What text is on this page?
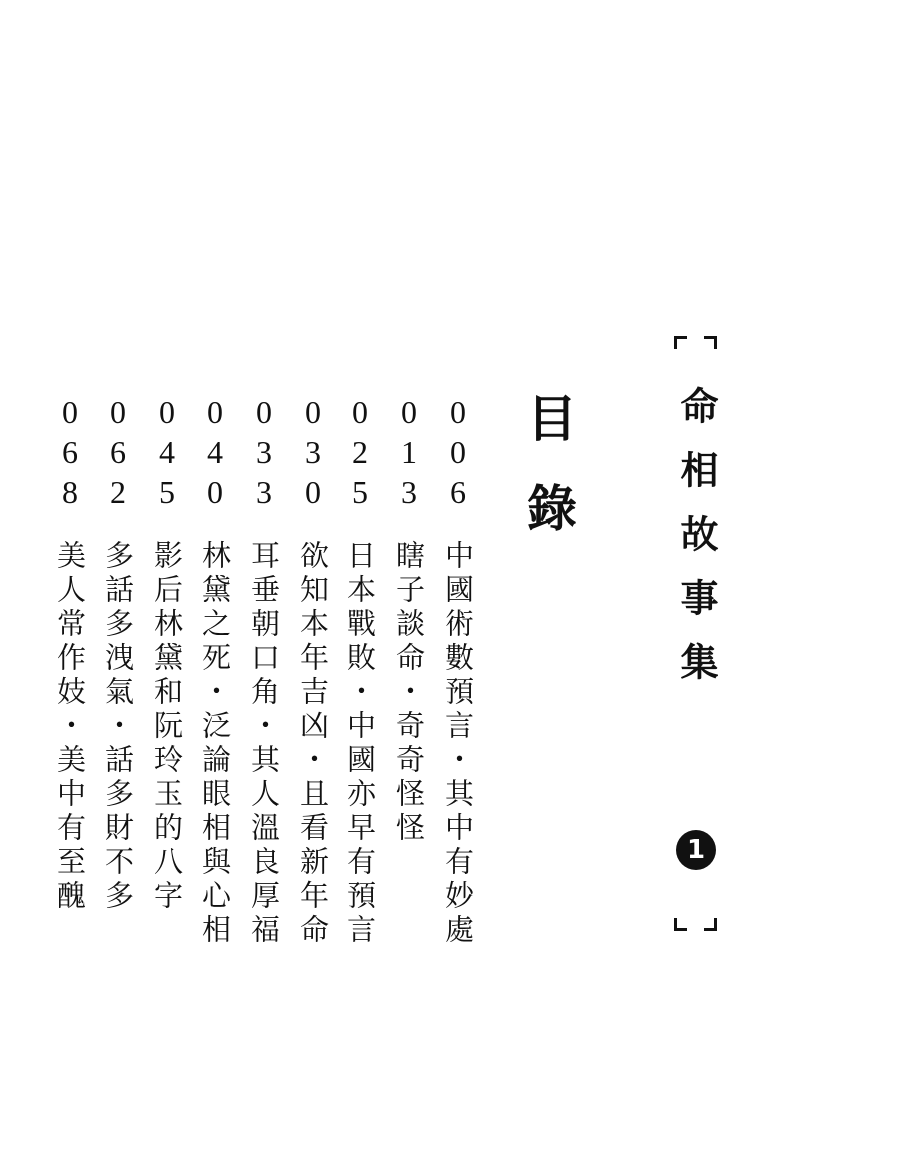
命相故事集
1
目錄
006
中國術數預言・其中有妙處
013
瞎子談命・奇奇怪怪
025
日本戰敗・中國亦早有預言
030
欲知本年吉凶・且看新年命
033
耳垂朝口角・其人溫良厚福
040
林黛之死・泛論眼相與心相
045
影后林黛和阮玲玉的八字
062
多話多洩氣・話多財不多
068
美人常作妓・美中有至醜
